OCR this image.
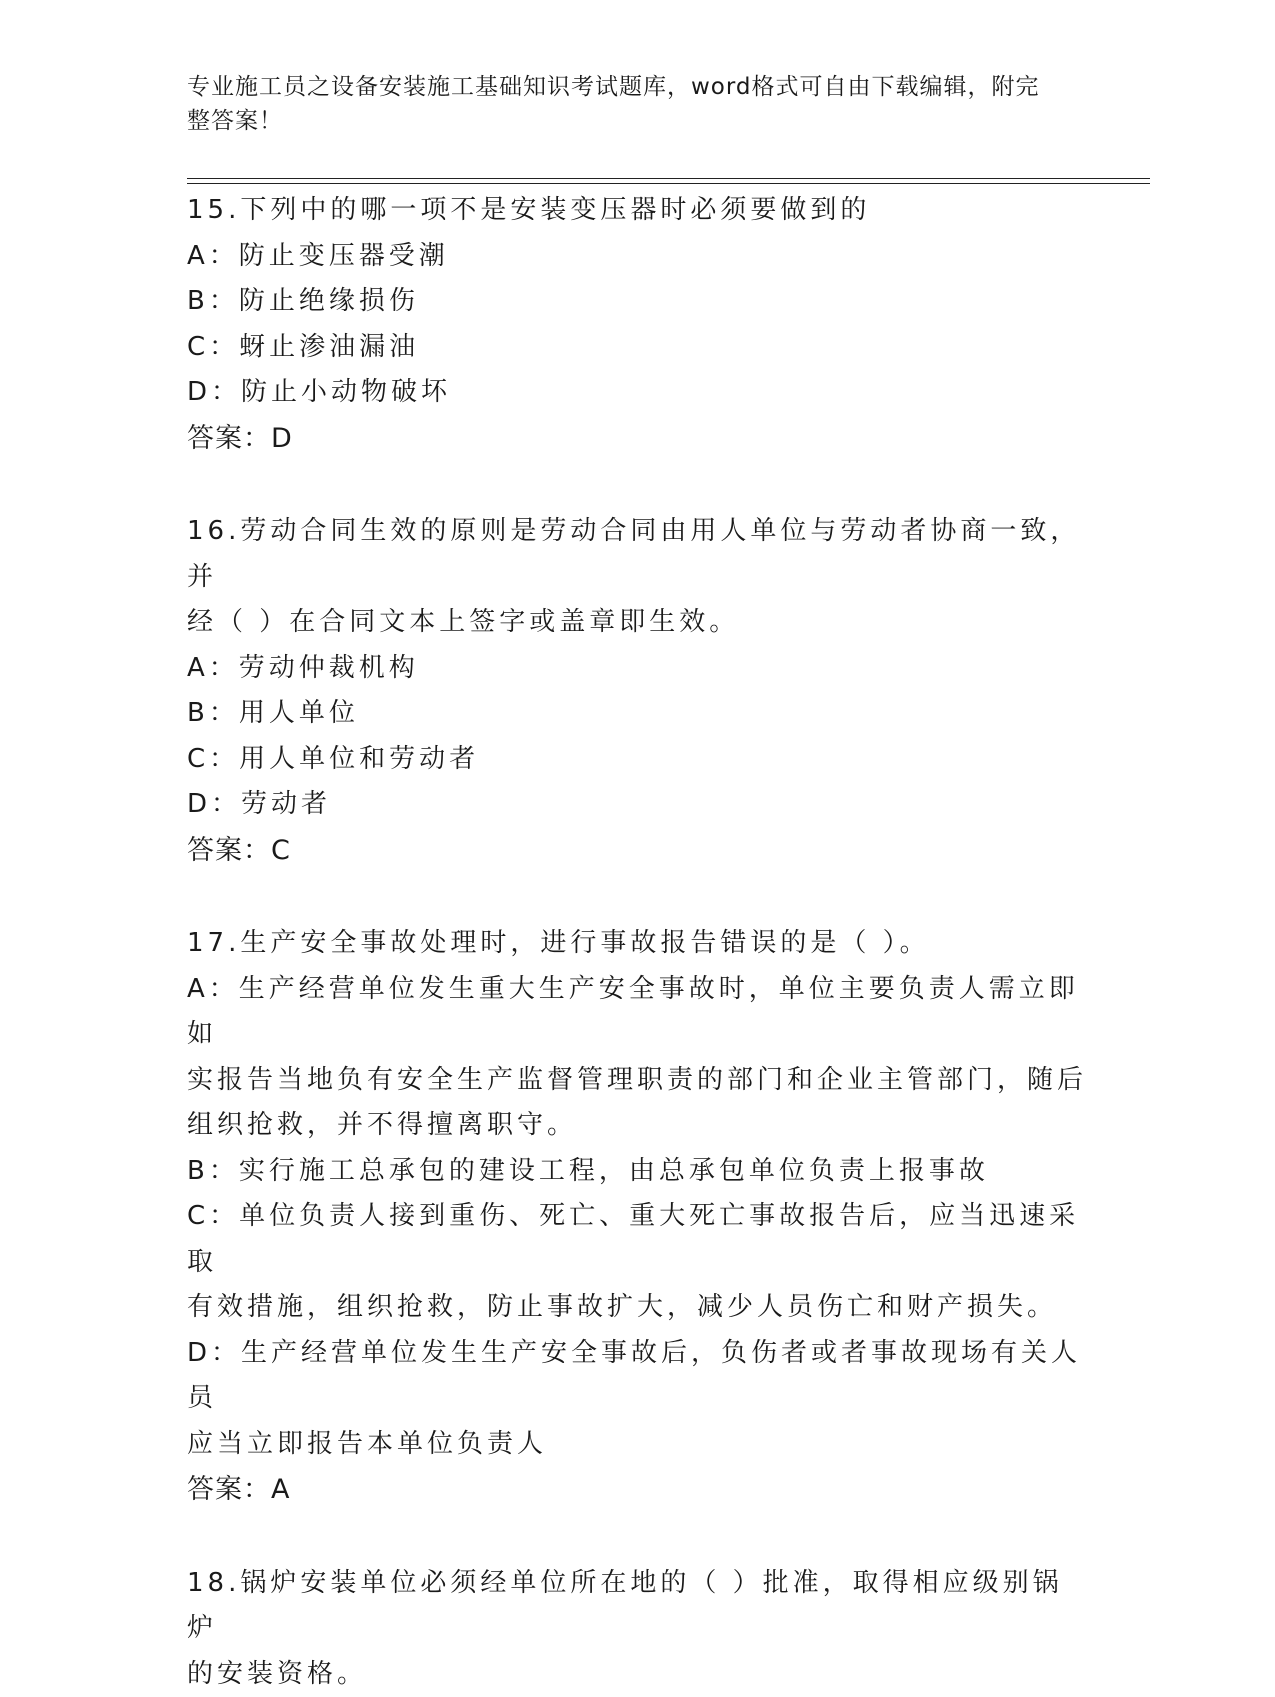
专业施工员之设备安装施工基础知识考试题库，word格式可自由下载编辑，附完
整答案！
15.下列中的哪一项不是安装变压器时必须要做到的
A：防止变压器受潮
B：防止绝缘损伤
C：蚜止渗油漏油
D：防止小动物破坏
答案：D
16.劳动合同生效的原则是劳动合同由用人单位与劳动者协商一致，并
经（ ）在合同文本上签字或盖章即生效。
A：劳动仲裁机构
B：用人单位
C：用人单位和劳动者
D：劳动者
答案：C
17.生产安全事故处理时，进行事故报告错误的是（ ）。
A：生产经营单位发生重大生产安全事故时，单位主要负责人需立即如
实报告当地负有安全生产监督管理职责的部门和企业主管部门，随后
组织抢救，并不得擅离职守。
B：实行施工总承包的建设工程，由总承包单位负责上报事故
C：单位负责人接到重伤、死亡、重大死亡事故报告后，应当迅速采取
有效措施，组织抢救，防止事故扩大，减少人员伤亡和财产损失。
D：生产经营单位发生生产安全事故后，负伤者或者事故现场有关人员
应当立即报告本单位负责人
答案：A
18.锅炉安装单位必须经单位所在地的（ ）批准，取得相应级别锅炉
的安装资格。
